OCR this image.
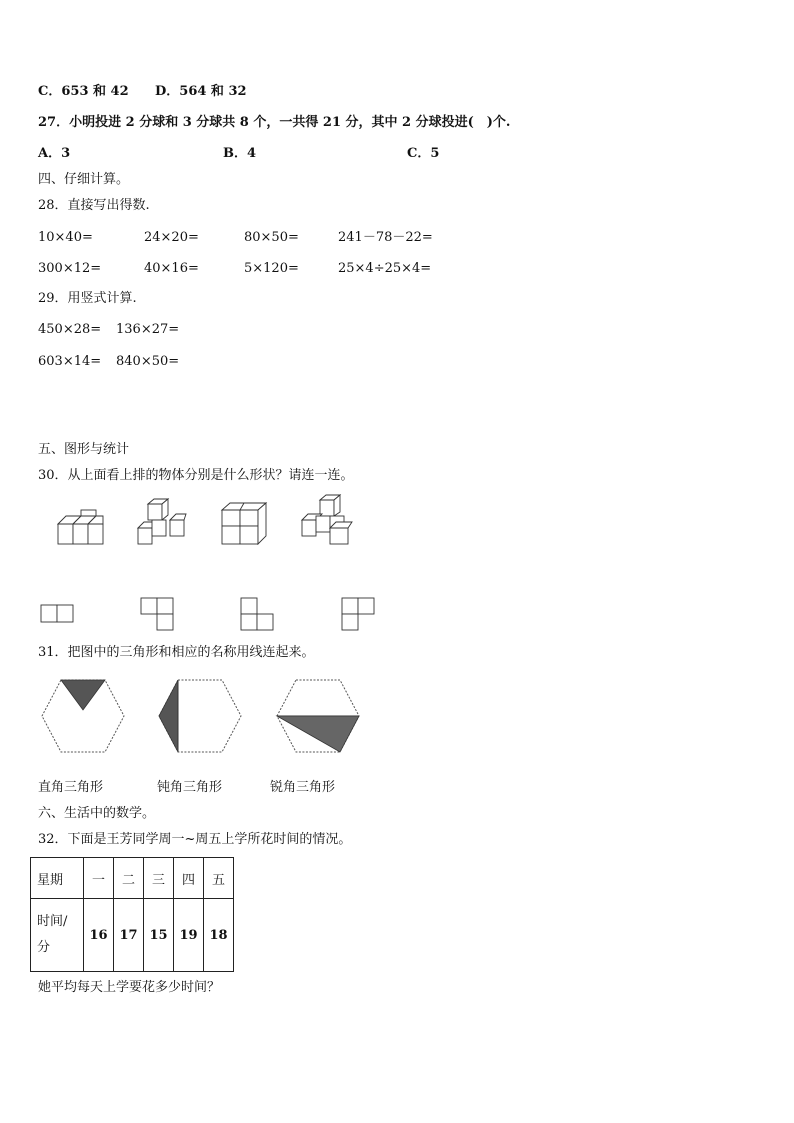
C．653 和 42 D．564 和 32
27．小明投进 2 分球和 3 分球共 8 个，一共得 21 分，其中 2 分球投进(　)个.
A．3	B．4	C．5
四、仔细计算。
28．直接写出得数.
10×40=	24×20=	80×50=	241－78－22=
300×12=	40×16=	5×120=	25×4÷25×4=
29．用竖式计算.
450×28= 136×27=
603×14= 840×50=
五、图形与统计
30．从上面看上排的物体分别是什么形状？请连一连。
31．把图中的三角形和相应的名称用线连起来。
直角三角形	钝角三角形	锐角三角形
六、生活中的数学。
32．下面是王芳同学周一~周五上学所花时间的情况。
星期	一	二	三	四	五

时间/
分	16	17	15	19	18
她平均每天上学要花多少时间？
